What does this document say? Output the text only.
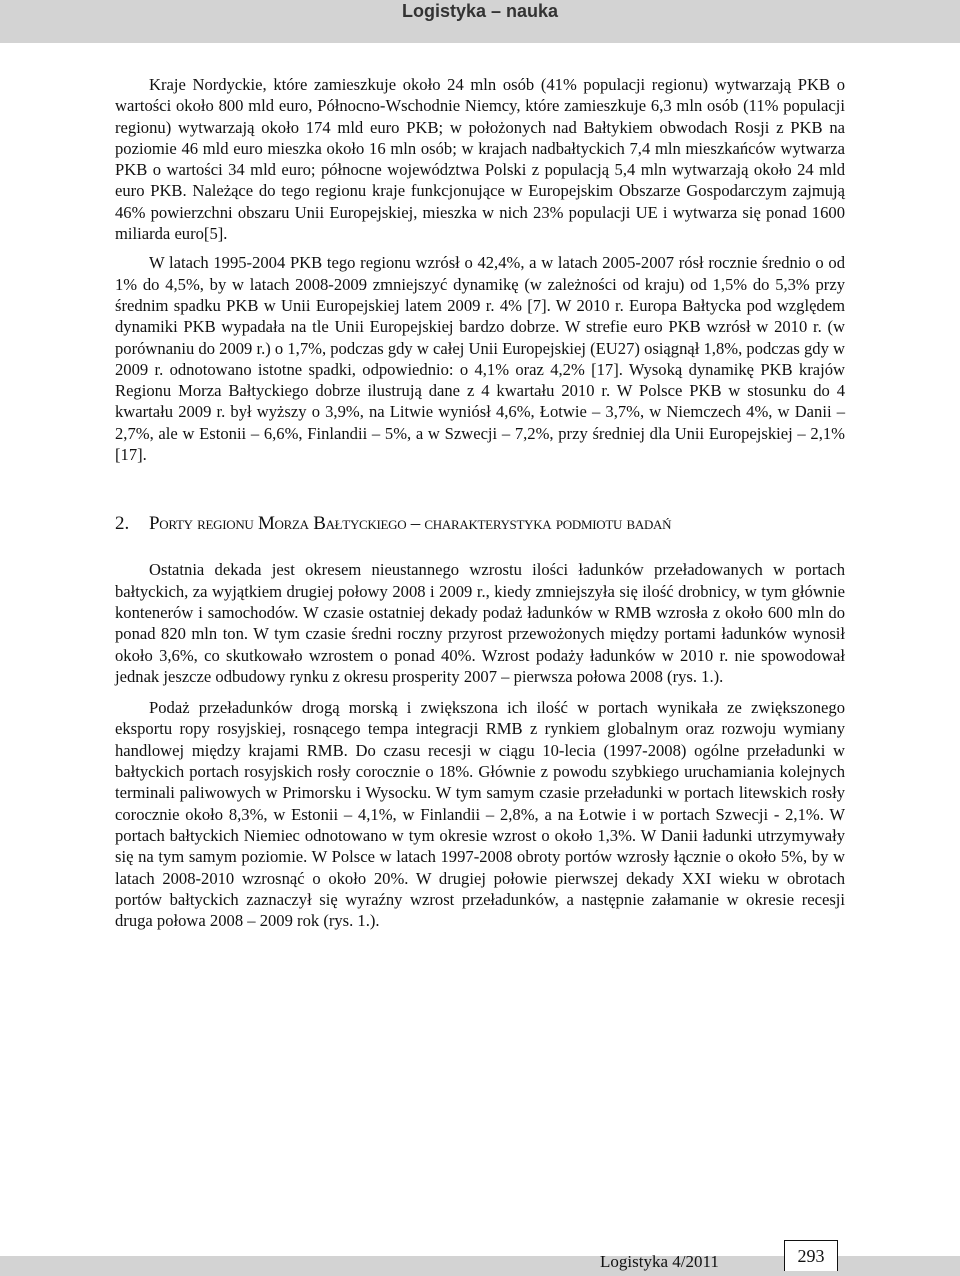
Logistyka – nauka

Kraje Nordyckie, które zamieszkuje około 24 mln osób (41% populacji regionu) wytwarzają PKB o wartości około 800 mld euro, Północno-Wschodnie Niemcy, które zamieszkuje 6,3 mln osób (11% populacji regionu) wytwarzają około 174 mld euro PKB; w położonych nad Bałtykiem obwodach Rosji z PKB na poziomie 46 mld euro mieszka około 16 mln osób; w krajach nadbałtyckich 7,4 mln mieszkańców wytwarza PKB o wartości 34 mld euro; północne województwa Polski z populacją 5,4 mln wytwarzają około 24 mld euro PKB. Należące do tego regionu kraje funkcjonujące w Europejskim Obszarze Gospodarczym zajmują 46% powierzchni obszaru Unii Europejskiej, mieszka w nich 23% populacji UE i wytwarza się ponad 1600 miliarda euro[5].

W latach 1995-2004 PKB tego regionu wzrósł o 42,4%, a w latach 2005-2007 rósł rocznie średnio o od 1% do 4,5%, by w latach 2008-2009 zmniejszyć dynamikę (w zależności od kraju) od 1,5% do 5,3% przy średnim spadku PKB w Unii Europejskiej latem 2009 r. 4% [7]. W 2010 r. Europa Bałtycka pod względem dynamiki PKB wypadała na tle Unii Europejskiej bardzo dobrze. W strefie euro PKB wzrósł w 2010 r. (w porównaniu do 2009 r.) o 1,7%, podczas gdy w całej Unii Europejskiej (EU27) osiągnął 1,8%, podczas gdy w 2009 r. odnotowano istotne spadki, odpowiednio: o 4,1% oraz 4,2% [17]. Wysoką dynamikę PKB krajów Regionu Morza Bałtyckiego dobrze ilustrują dane z 4 kwartału 2010 r. W Polsce PKB w stosunku do 4 kwartału 2009 r. był wyższy o 3,9%, na Litwie wyniósł 4,6%, Łotwie – 3,7%, w Niemczech 4%, w Danii – 2,7%, ale w Estonii – 6,6%, Finlandii – 5%, a w Szwecji – 7,2%, przy średniej dla Unii Europejskiej – 2,1% [17].

2.	Porty regionu Morza Bałtyckiego – charakterystyka podmiotu badań

Ostatnia dekada jest okresem nieustannego wzrostu ilości ładunków przeładowanych w portach bałtyckich, za wyjątkiem drugiej połowy 2008 i 2009 r., kiedy zmniejszyła się ilość drobnicy, w tym głównie kontenerów i samochodów. W czasie ostatniej dekady podaż ładunków w RMB wzrosła z około 600 mln do ponad 820 mln ton. W tym czasie średni roczny przyrost przewożonych między portami ładunków wynosił około 3,6%, co skutkowało wzrostem o ponad 40%. Wzrost podaży ładunków w 2010 r. nie spowodował jednak jeszcze odbudowy rynku z okresu prosperity 2007 – pierwsza połowa 2008 (rys. 1.).

Podaż przeładunków drogą morską i zwiększona ich ilość w portach wynikała ze zwiększonego eksportu ropy rosyjskiej, rosnącego tempa integracji RMB z rynkiem globalnym oraz rozwoju wymiany handlowej między krajami RMB. Do czasu recesji w ciągu 10-lecia (1997-2008) ogólne przeładunki w bałtyckich portach rosyjskich rosły corocznie o 18%. Głównie z powodu szybkiego uruchamiania kolejnych terminali paliwowych w Primorsku i Wysocku. W tym samym czasie przeładunki w portach litewskich rosły corocznie około 8,3%, w Estonii – 4,1%, w Finlandii – 2,8%, a na Łotwie i w portach Szwecji - 2,1%. W portach bałtyckich Niemiec odnotowano w tym okresie wzrost o około 1,3%. W Danii ładunki utrzymywały się na tym samym poziomie. W Polsce w latach 1997-2008 obroty portów wzrosły łącznie o około 5%, by w latach 2008-2010 wzrosnąć o około 20%. W drugiej połowie pierwszej dekady XXI wieku w obrotach portów bałtyckich zaznaczył się wyraźny wzrost przeładunków, a następnie załamanie w okresie recesji druga połowa 2008 – 2009 rok (rys. 1.).

Logistyka 4/2011	293
